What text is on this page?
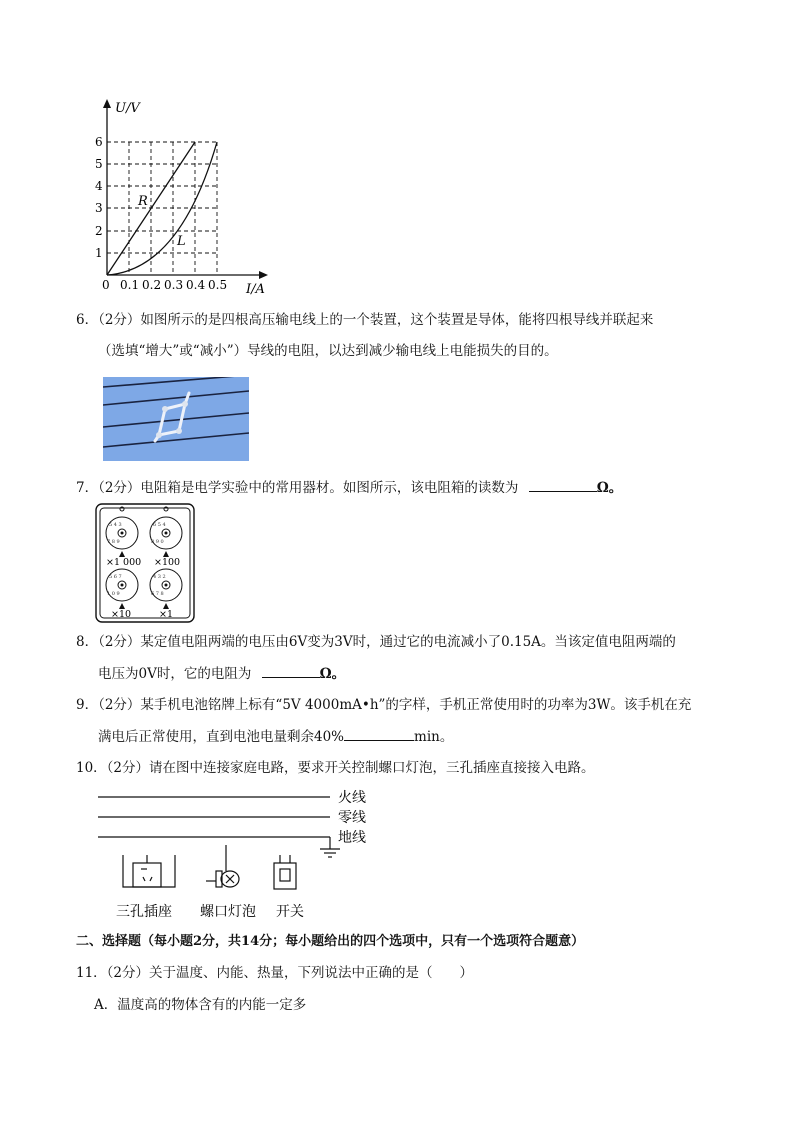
U/V
I/A
0
1
2
3
4
5
6
0.1 0.2 0.3 0.4 0.5
R
L
6．（2分）如图所示的是四根高压输电线上的一个装置，这个装置是导体，能将四根导线并联起来
（选填“增大”或“减小”）导线的电阻，以达到减少输电线上电能损失的目的。
7．（2分）电阻箱是电学实验中的常用器材。如图所示，该电阻箱的读数为	Ω。
5 4 3
7 8 9
6 5 4
8 9 0
5 6 7
1 0 9
4 3 2
6 7 8
×1 000 ×100
×10	×1
8．（2分）某定值电阻两端的电压由6V变为3V时，通过它的电流减小了0.15A。当该定值电阻两端的
电压为0V时，它的电阻为	Ω。
9．（2分）某手机电池铭牌上标有“5V 4000mA•h”的字样，手机正常使用时的功率为3W。该手机在充
满电后正常使用，直到电池电量剩余40%	min。
10．（2分）请在图中连接家庭电路，要求开关控制螺口灯泡，三孔插座直接接入电路。
火线
零线
地线
三孔插座 螺口灯泡 开关
二、选择题（每小题2分，共14分；每小题给出的四个选项中，只有一个选项符合题意）
11．（2分）关于温度、内能、热量，下列说法中正确的是（　　）
A．温度高的物体含有的内能一定多
